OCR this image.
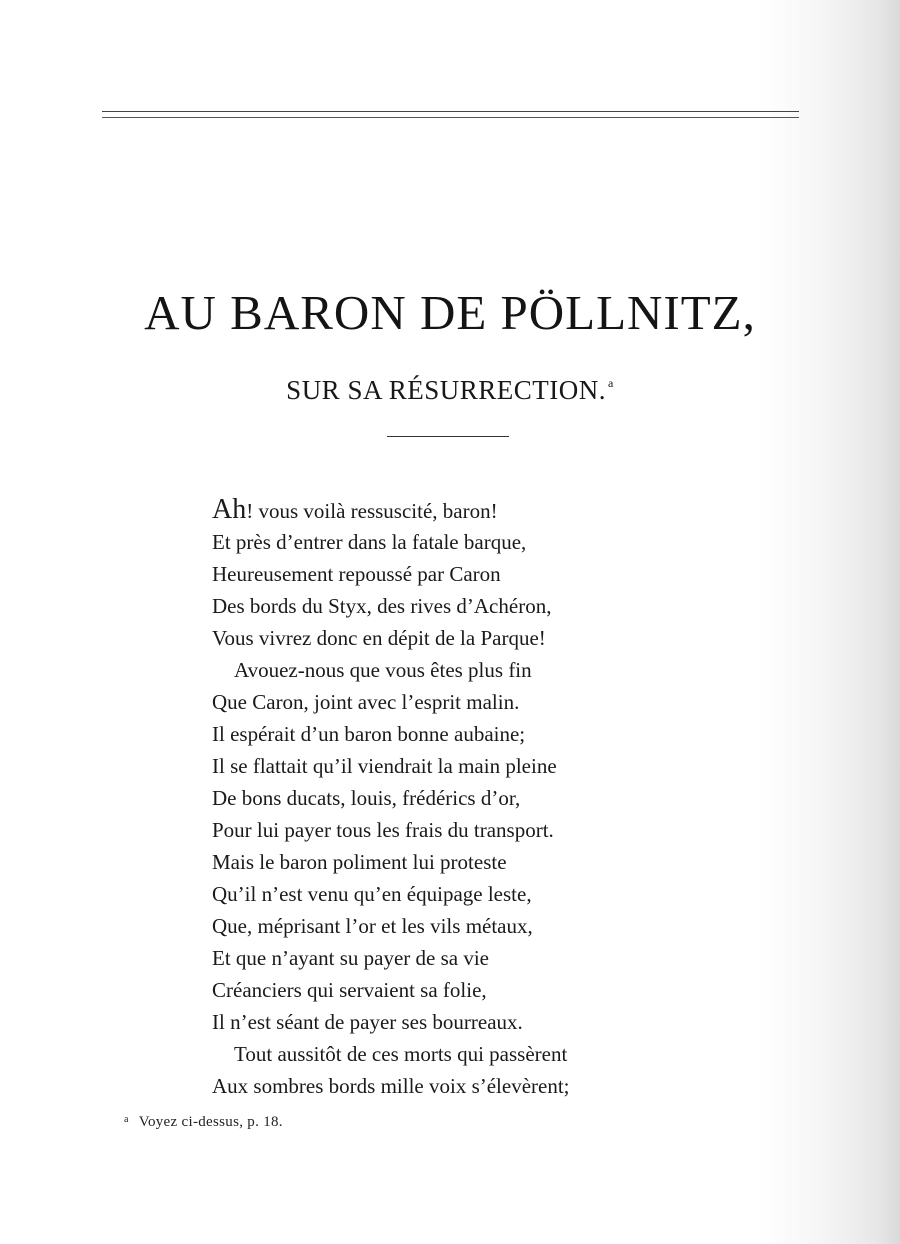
AU BARON DE PÖLLNITZ,
SUR SA RÉSURRECTION. $^a$
Ah! vous voilà ressuscité, baron!
Et près d’entrer dans la fatale barque,
Heureusement repoussé par Caron
Des bords du Styx, des rives d’Achéron,
Vous vivrez donc en dépit de la Parque!
Avouez-nous que vous êtes plus fin
Que Caron, joint avec l’esprit malin.
Il espérait d’un baron bonne aubaine;
Il se flattait qu’il viendrait la main pleine
De bons ducats, louis, frédérics d’or,
Pour lui payer tous les frais du transport.
Mais le baron poliment lui proteste
Qu’il n’est venu qu’en équipage leste,
Que, méprisant l’or et les vils métaux,
Et que n’ayant su payer de sa vie
Créanciers qui servaient sa folie,
Il n’est séant de payer ses bourreaux.
Tout aussitôt de ces morts qui passèrent
Aux sombres bords mille voix s’élevèrent;
$^a$ Voyez ci-dessus, p. 18.
